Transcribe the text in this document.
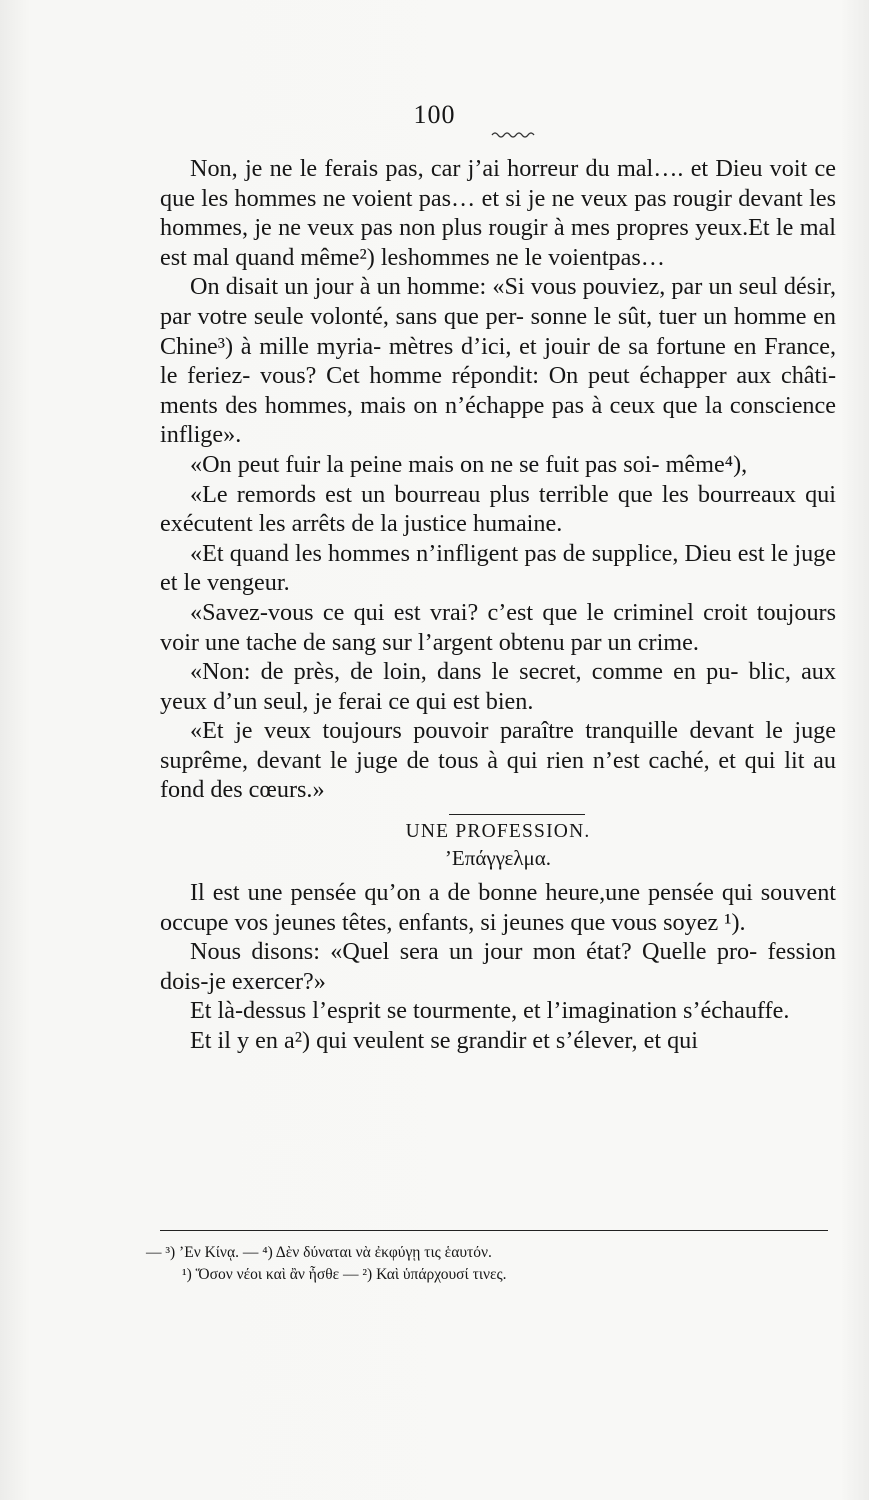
100

Non, je ne le ferais pas, car j’ai horreur du mal…. et Dieu voit ce que les hommes ne voient pas… et si je ne veux pas rougir devant les hommes, je ne veux pas non plus rougir à mes propres yeux.Et le mal est mal quand même²) leshommes ne le voientpas…

On disait un jour à un homme: «Si vous pouviez, par un seul désir, par votre seule volonté, sans que per- sonne le sût, tuer un homme en Chine³) à mille myria- mètres d’ici, et jouir de sa fortune en France, le feriez- vous? Cet homme répondit: On peut échapper aux châti- ments des hommes, mais on n’échappe pas à ceux que la conscience inflige».

«On peut fuir la peine mais on ne se fuit pas soi- même⁴),

«Le remords est un bourreau plus terrible que les bourreaux qui exécutent les arrêts de la justice humaine.

«Et quand les hommes n’infligent pas de supplice, Dieu est le juge et le vengeur.

«Savez-vous ce qui est vrai? c’est que le criminel croit toujours voir une tache de sang sur l’argent obtenu par un crime.

«Non: de près, de loin, dans le secret, comme en pu- blic, aux yeux d’un seul, je ferai ce qui est bien.

«Et je veux toujours pouvoir paraître tranquille devant le juge suprême, devant le juge de tous à qui rien n’est caché, et qui lit au fond des cœurs.»

UNE PROFESSION.
’Επάγγελμα.

Il est une pensée qu’on a de bonne heure,une pensée qui souvent occupe vos jeunes têtes, enfants, si jeunes que vous soyez ¹).

Nous disons: «Quel sera un jour mon état? Quelle pro- fession dois-je exercer?»

Et là-dessus l’esprit se tourmente, et l’imagination s’échauffe.

Et il y en a²) qui veulent se grandir et s’élever, et qui

— ³) ’Εν Κίνᾳ. — ⁴) Δὲν δύναται νὰ ἐκφύγῃ τις ἑαυτόν.
¹) Ὅσον νέοι καὶ ἂν ἦσθε — ²) Καὶ ὑπάρχουσί τινες.
